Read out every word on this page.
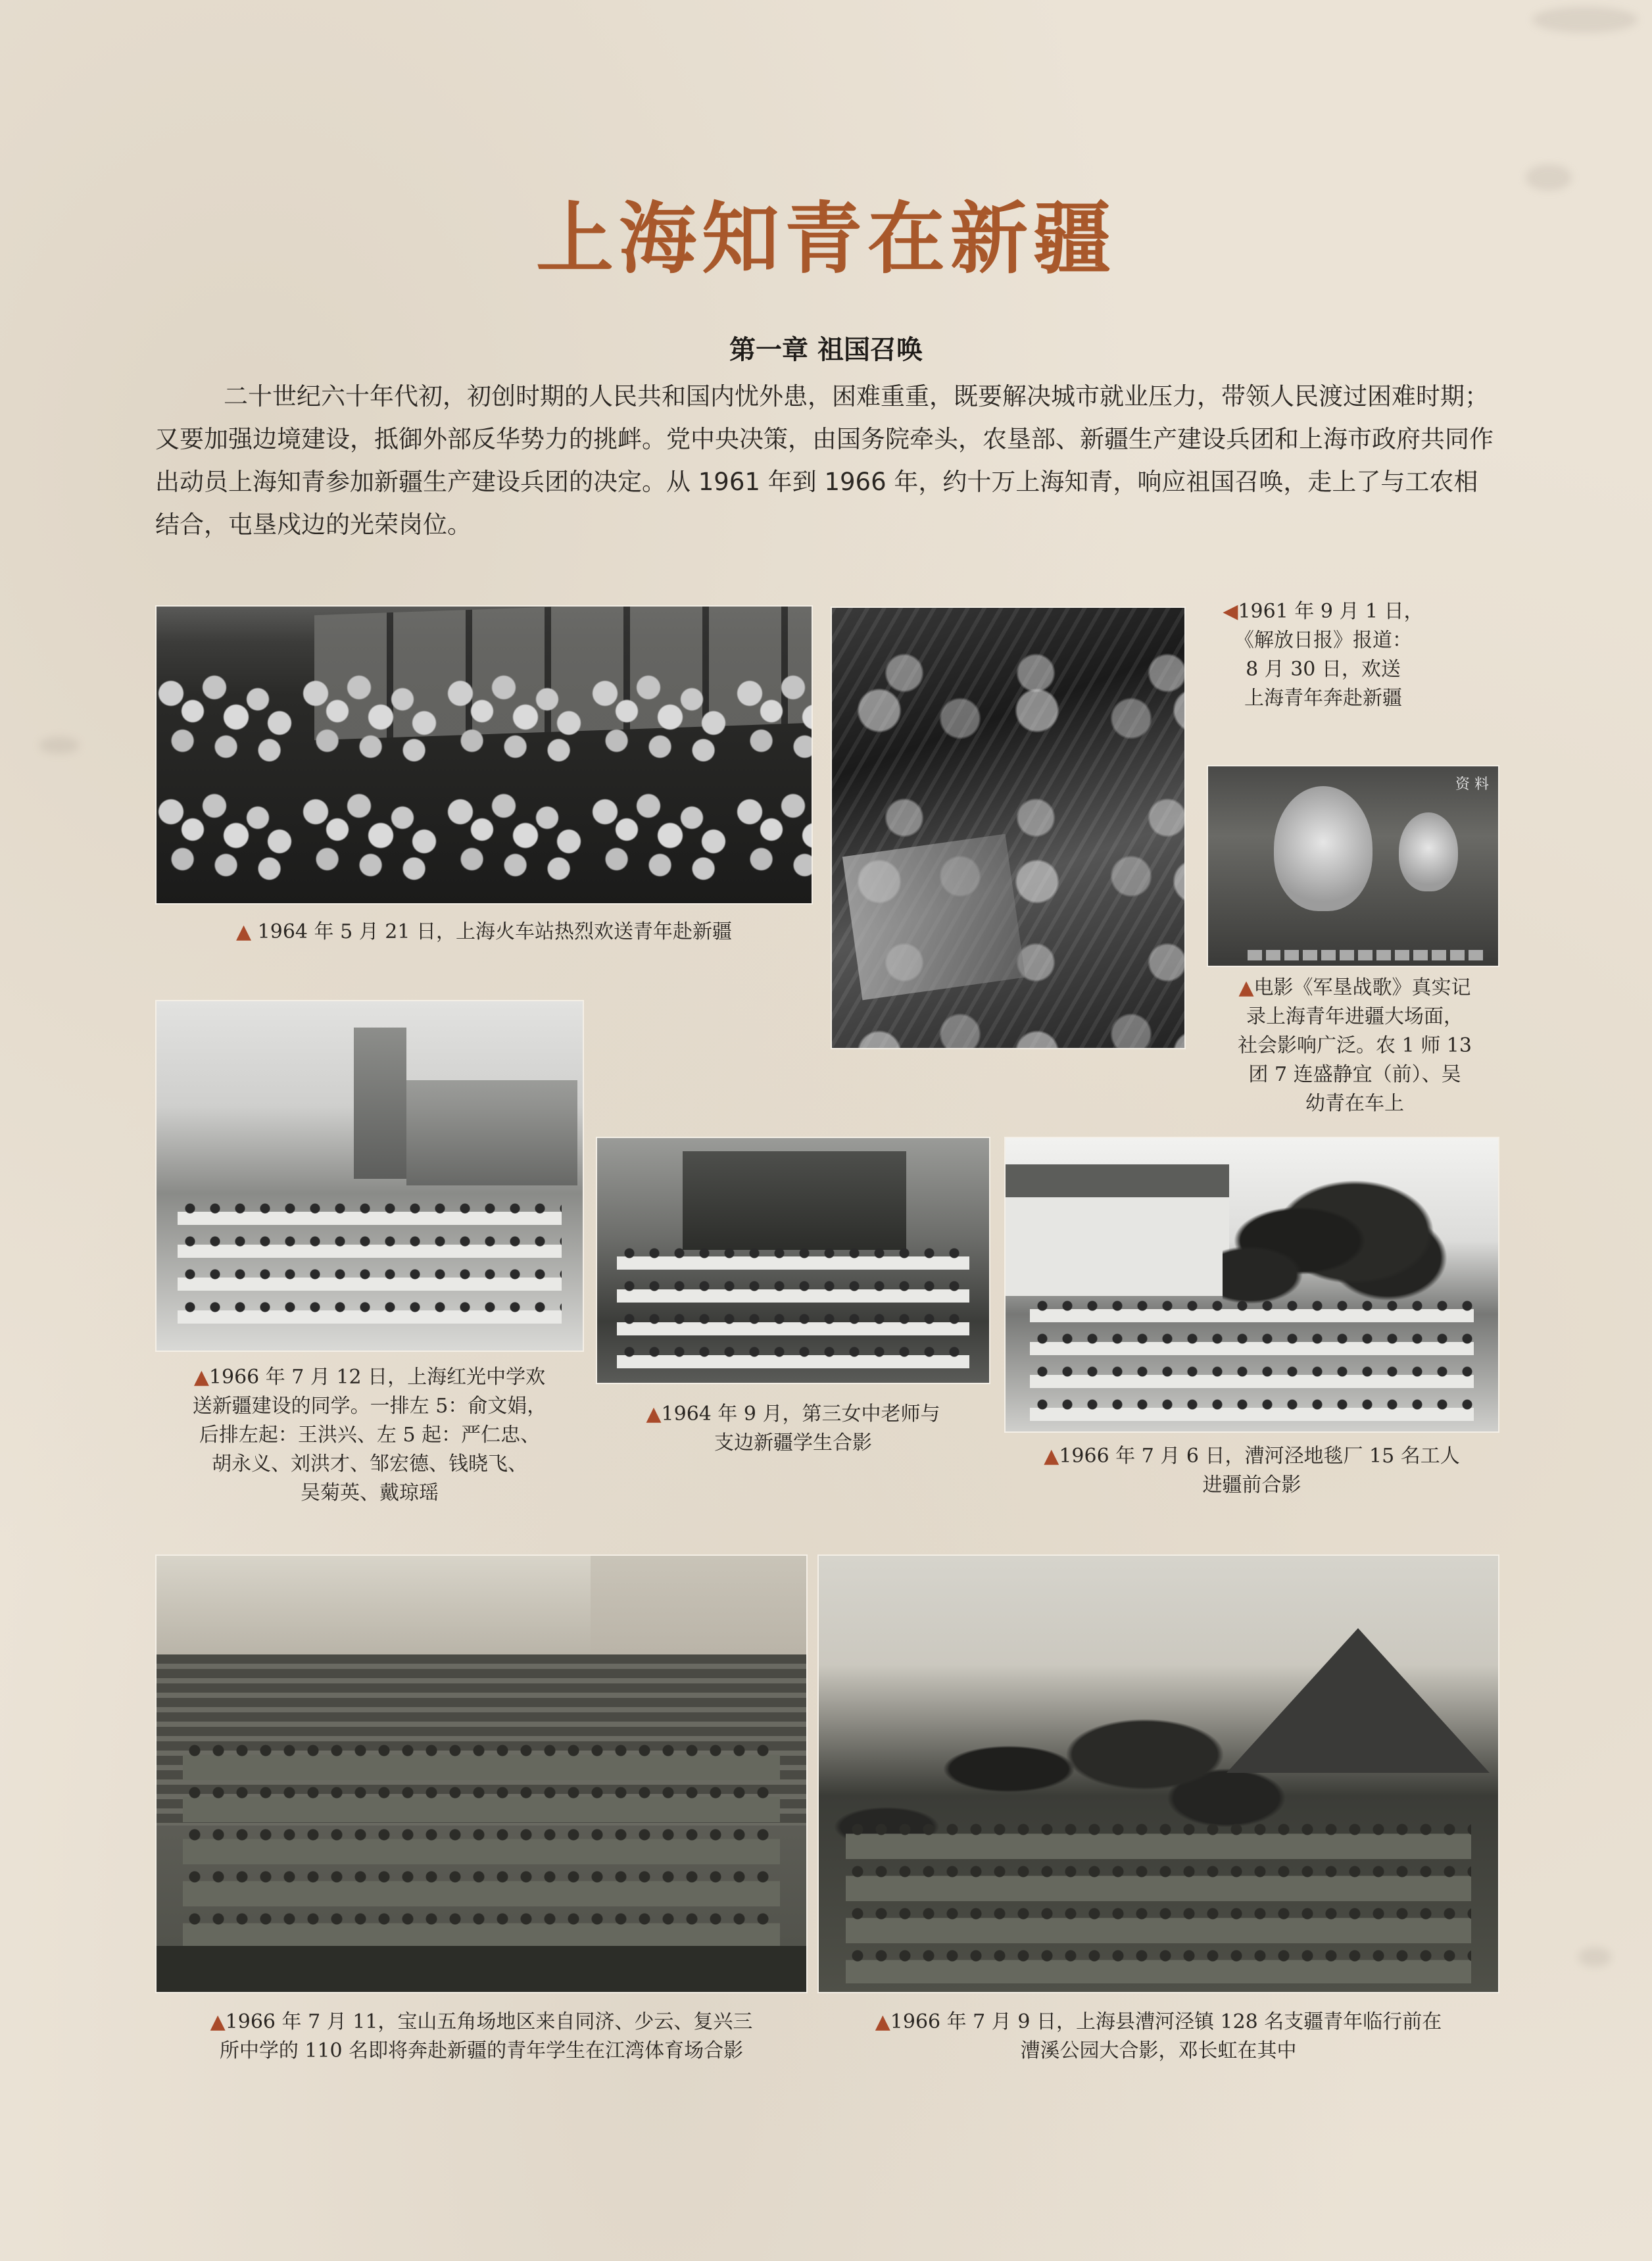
上海知青在新疆
第一章 祖国召唤

二十世纪六十年代初，初创时期的人民共和国内忧外患，困难重重，既要解决城市就业压力，带领人民渡过困难时期；又要加强边境建设，抵御外部反华势力的挑衅。党中央决策，由国务院牵头，农垦部、新疆生产建设兵团和上海市政府共同作出动员上海知青参加新疆生产建设兵团的决定。从 1961 年到 1966 年，约十万上海知青，响应祖国召唤，走上了与工农相结合，屯垦戍边的光荣岗位。

▲ 1964 年 5 月 21 日，上海火车站热烈欢送青年赴新疆
◀1961 年 9 月 1 日，
《解放日报》报道：
8 月 30 日，欢送
上海青年奔赴新疆
资 料
▲电影《军垦战歌》真实记
录上海青年进疆大场面，
社会影响广泛。农 1 师 13
团 7 连盛静宜（前）、吴
幼青在车上
▲1966 年 7 月 12 日，上海红光中学欢
送新疆建设的同学。一排左 5：俞文娟，
后排左起：王洪兴、左 5 起：严仁忠、
胡永义、刘洪才、邹宏德、钱晓飞、
吴菊英、戴琼瑶
▲1964 年 9 月，第三女中老师与
支边新疆学生合影
▲1966 年 7 月 6 日，漕河泾地毯厂 15 名工人
进疆前合影
▲1966 年 7 月 11，宝山五角场地区来自同济、少云、复兴三
所中学的 110 名即将奔赴新疆的青年学生在江湾体育场合影
▲1966 年 7 月 9 日，上海县漕河泾镇 128 名支疆青年临行前在
漕溪公园大合影，邓长虹在其中
